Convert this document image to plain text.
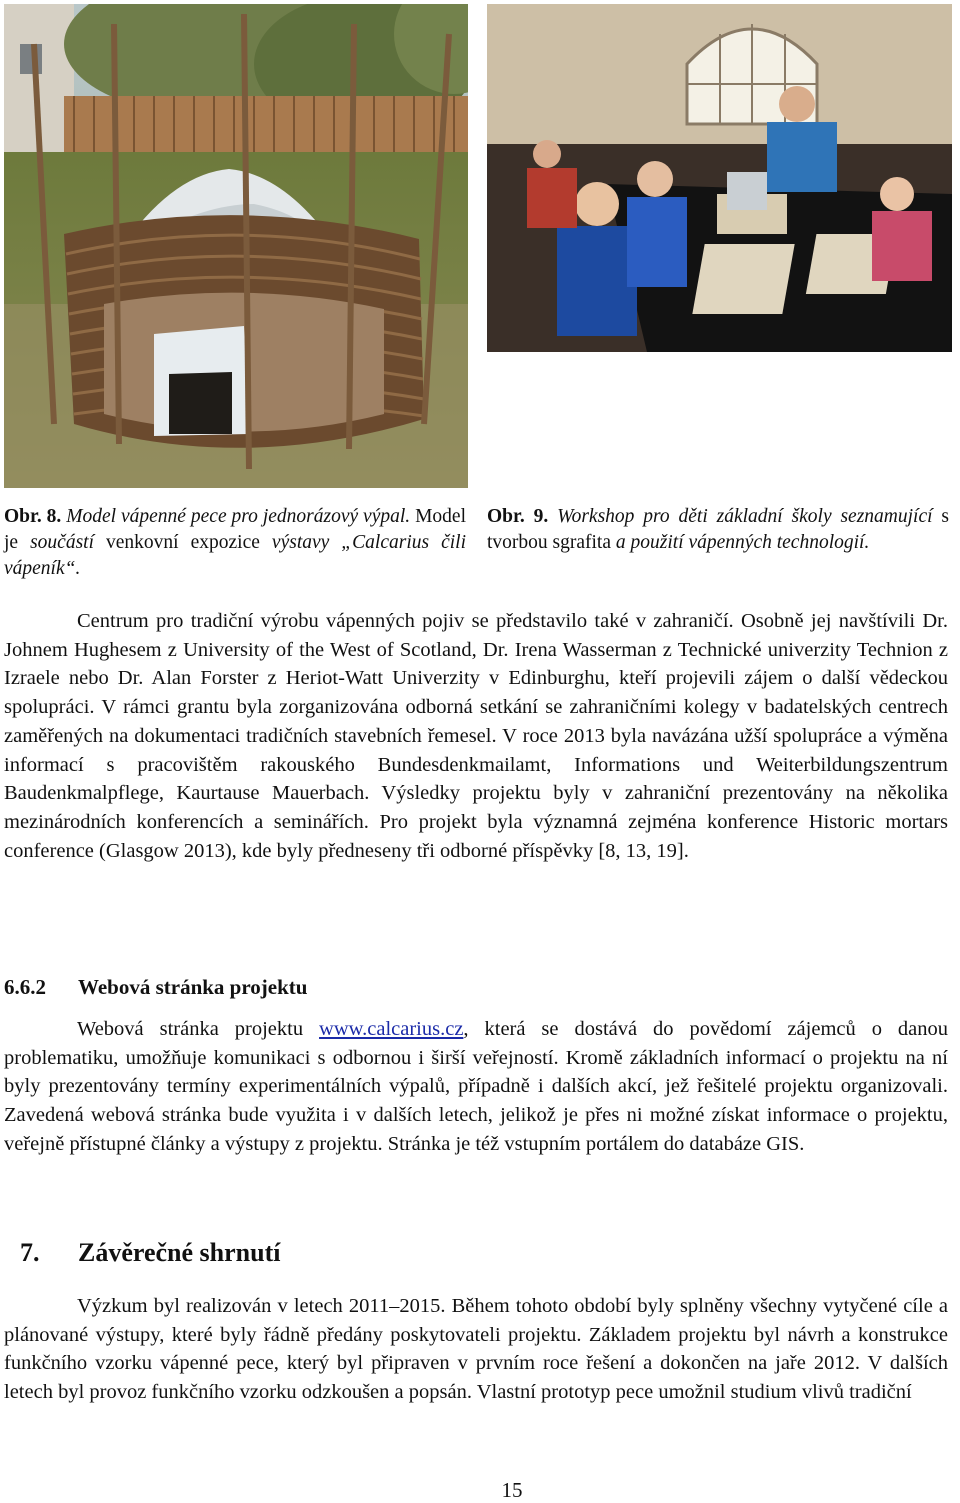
Obr. 8. Model vápenné pece pro jednorázový výpal. Model je součástí venkovní expozice výstavy „Calcarius čili vápeník“.
Obr. 9. Workshop pro děti základní školy seznamující s tvorbou sgrafita a použití vápenných technologií.
Centrum pro tradiční výrobu vápenných pojiv se představilo také v zahraničí. Osobně jej navštívili Dr. Johnem Hughesem z University of the West of Scotland, Dr. Irena Wasserman z Technické univerzity Technion z Izraele nebo Dr. Alan Forster z Heriot-Watt Univerzity v Edinburghu, kteří projevili zájem o další vědeckou spolupráci. V rámci grantu byla zorganizována odborná setkání se zahraničními kolegy v badatelských centrech zaměřených na dokumentaci tradičních stavebních řemesel. V roce 2013 byla navázána užší spolupráce a výměna informací s pracovištěm rakouského Bundesdenkmailamt, Informations und Weiterbildungszentrum Baudenkmalpflege, Kaurtause Mauerbach. Výsledky projektu byly v zahraniční prezentovány na několika mezinárodních konferencích a seminářích. Pro projekt byla významná zejména konference Historic mortars conference (Glasgow 2013), kde byly předneseny tři odborné příspěvky [8, 13, 19].
6.6.2 Webová stránka projektu
Webová stránka projektu www.calcarius.cz, která se dostává do povědomí zájemců o danou problematiku, umožňuje komunikaci s odbornou i širší veřejností. Kromě základních informací o projektu na ní byly prezentovány termíny experimentálních výpalů, případně i dalších akcí, jež řešitelé projektu organizovali. Zavedená webová stránka bude využita i v dalších letech, jelikož je přes ni možné získat informace o projektu, veřejně přístupné články a výstupy z projektu. Stránka je též vstupním portálem do databáze GIS.
7. Závěrečné shrnutí
Výzkum byl realizován v letech 2011–2015. Během tohoto období byly splněny všechny vytyčené cíle a plánované výstupy, které byly řádně předány poskytovateli projektu. Základem projektu byl návrh a konstrukce funkčního vzorku vápenné pece, který byl připraven v prvním roce řešení a dokončen na jaře 2012. V dalších letech byl provoz funkčního vzorku odzkoušen a popsán. Vlastní prototyp pece umožnil studium vlivů tradiční
15
